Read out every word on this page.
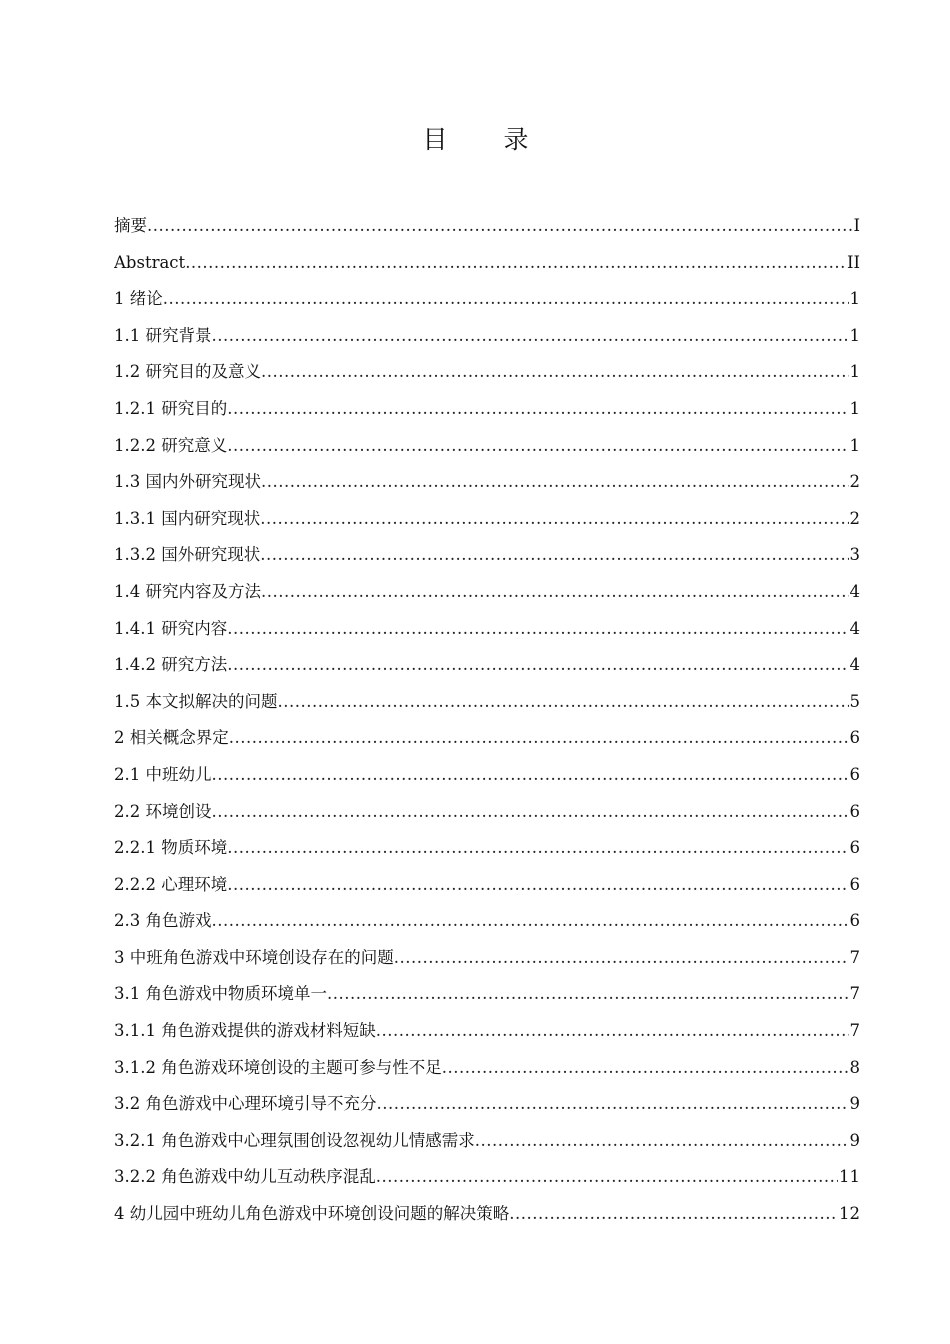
目 录
摘要 .....	I
Abstract .....	II
1 绪论 .....	1
1.1 研究背景 .....	1
1.2 研究目的及意义 .....	1
1.2.1 研究目的 .....	1
1.2.2 研究意义 .....	1
1.3 国内外研究现状 .....	2
1.3.1 国内研究现状 .....	2
1.3.2 国外研究现状 .....	3
1.4 研究内容及方法 .....	4
1.4.1 研究内容 .....	4
1.4.2 研究方法 .....	4
1.5 本文拟解决的问题 .....	5
2 相关概念界定 .....	6
2.1 中班幼儿 .....	6
2.2 环境创设 .....	6
2.2.1 物质环境 .....	6
2.2.2 心理环境 .....	6
2.3 角色游戏 .....	6
3 中班角色游戏中环境创设存在的问题 .....	7
3.1 角色游戏中物质环境单一 .....	7
3.1.1 角色游戏提供的游戏材料短缺 .....	7
3.1.2 角色游戏环境创设的主题可参与性不足 .....	8
3.2 角色游戏中心理环境引导不充分 .....	9
3.2.1 角色游戏中心理氛围创设忽视幼儿情感需求 .....	9
3.2.2 角色游戏中幼儿互动秩序混乱 .....	11
4 幼儿园中班幼儿角色游戏中环境创设问题的解决策略 .....	12
